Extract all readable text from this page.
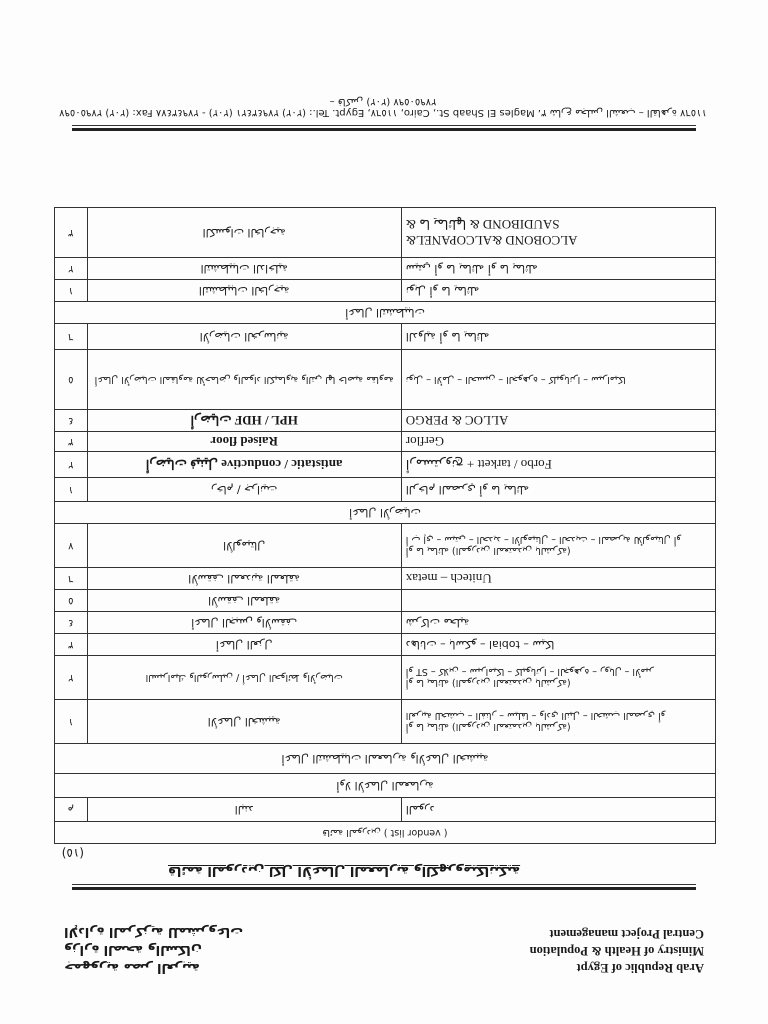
Arab Republic of Egypt
Ministry of Health & Population
Central Project management
جمهورية مصر العربية
وزارة الصحة والسكان
الإدارة المركزية للمشروعات
قائمة الموردين لكل الأعمال المعمارية والكهروميكانيكية
(١٥)
( vendor list ) قائمة الموردين		
المورد	البند	م
أولا الأعمال المعمارية		
أعمال التشطيبات المعمارية والأعمال الخشبية		

(الموردين المعتمدين بالشركة) أو ما يماثله
العربية للخشب – الفنار – سيلفا – وادي النيل – الخشب المصري أو	الأعمال الخشبية	١

(الموردين المعتمدين بالشركة) أو ما يماثله
كلاين – سيراميكا – كليوباترا – الجوهرة – رويال – الأمير – ST أو	السيراميك والبورسلين / أعمال الحوائط والأرضيات	٢
سيكا – tobial – دهانات – باسكو	أعمال العزل	٣
شركات محلية	أعمال الجبس والأسقف	٤
	الأسقف المعلقة	٥
Unitech – metax	الأسقف المعدنية المعلقة	٦

(الموردين المعتمدين بالشركة) أو ما يماثله
أ ب إي – سيتي – الحديد – الألوميتال – الحديث – المصرية للألوميتال أو	الألوميتال	٧
أعمال الأرضيات		
الرخام المصري أو ما يماثله	رخام / جرانيت	١
Forbo / tarkett + أرمسترونج	antistatic / conductive أرضيات فينيل	٢
Gerflor	Raised floor	٣
ALLOC & PERGO	HPL / HDF أرضيات	٤
نوبل – الأمل – الحسين – الجوهرة – كليوباترا – سيراميكا	أعمال الأرضيات المقاومة للأحماض والمواد الكيماوية والتي لها خاصية مقاومة	٥
الدولية أو ما يماثله	الأرضيات الخرسانية	٦
أعمال التشطيبات		
نوبل أو ما يماثله	التشطيبات الخارجية	١
سيتي أو ما يماثله أو ما يماثله	التشطيبات الداخلية	٢

ALCOBOND &ALCOPANEL&
SAUDIBOND & ما يماثلها &	الكسوات الخارجية	٣
٣ شارع مجلس الشعب – القاهرة ١١٥٦٧، Magles El Shaab St., Cairo, ١١٥٦٧, Egypt. Tel.: (٢٠٢) ٢٧٩٤٣٤٧٨ - (٢٠٢) ٢٧٩٤٣٤٢١ Fax: (٢٠٢) ٢٧٩٥٠٥٩٧ – فاكس (٢٠٢) ٢٧٩٥٠٥٩٧
